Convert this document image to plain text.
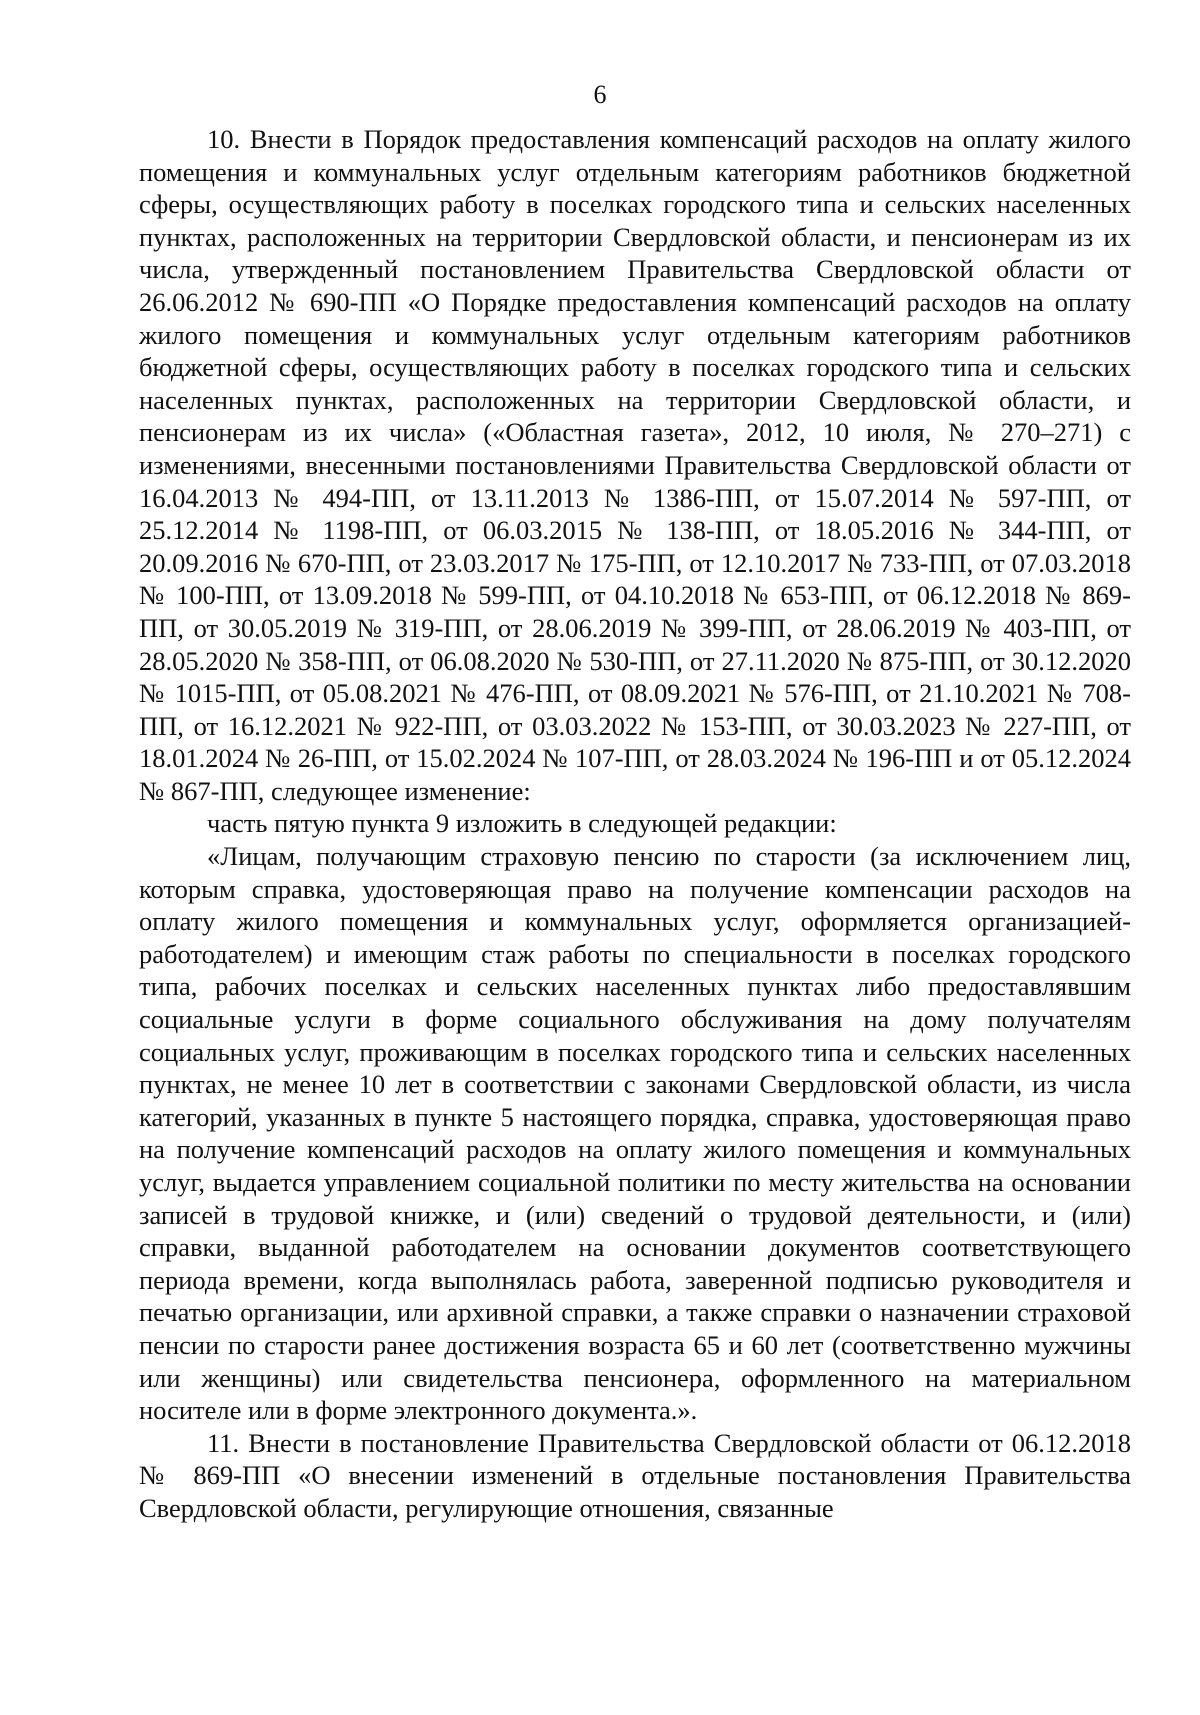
6

10. Внести в Порядок предоставления компенсаций расходов на оплату жилого помещения и коммунальных услуг отдельным категориям работников бюджетной сферы, осуществляющих работу в поселках городского типа и сельских населенных пунктах, расположенных на территории Свердловской области, и пенсионерам из их числа, утвержденный постановлением Правительства Свердловской области от 26.06.2012 № 690-ПП «О Порядке предоставления компенсаций расходов на оплату жилого помещения и коммунальных услуг отдельным категориям работников бюджетной сферы, осуществляющих работу в поселках городского типа и сельских населенных пунктах, расположенных на территории Свердловской области, и пенсионерам из их числа» («Областная газета», 2012, 10 июля, № 270–271) с изменениями, внесенными постановлениями Правительства Свердловской области от 16.04.2013 № 494-ПП, от 13.11.2013 № 1386-ПП, от 15.07.2014 № 597-ПП, от 25.12.2014 № 1198-ПП, от 06.03.2015 № 138-ПП, от 18.05.2016 № 344-ПП, от 20.09.2016 № 670-ПП, от 23.03.2017 № 175-ПП, от 12.10.2017 № 733-ПП, от 07.03.2018 № 100-ПП, от 13.09.2018 № 599-ПП, от 04.10.2018 № 653-ПП, от 06.12.2018 № 869-ПП, от 30.05.2019 № 319-ПП, от 28.06.2019 № 399-ПП, от 28.06.2019 № 403-ПП, от 28.05.2020 № 358-ПП, от 06.08.2020 № 530-ПП, от 27.11.2020 № 875-ПП, от 30.12.2020 № 1015-ПП, от 05.08.2021 № 476-ПП, от 08.09.2021 № 576-ПП, от 21.10.2021 № 708-ПП, от 16.12.2021 № 922-ПП, от 03.03.2022 № 153-ПП, от 30.03.2023 № 227-ПП, от 18.01.2024 № 26-ПП, от 15.02.2024 № 107-ПП, от 28.03.2024 № 196-ПП и от 05.12.2024 № 867-ПП, следующее изменение:

часть пятую пункта 9 изложить в следующей редакции:

«Лицам, получающим страховую пенсию по старости (за исключением лиц, которым справка, удостоверяющая право на получение компенсации расходов на оплату жилого помещения и коммунальных услуг, оформляется организацией-работодателем) и имеющим стаж работы по специальности в поселках городского типа, рабочих поселках и сельских населенных пунктах либо предоставлявшим социальные услуги в форме социального обслуживания на дому получателям социальных услуг, проживающим в поселках городского типа и сельских населенных пунктах, не менее 10 лет в соответствии с законами Свердловской области, из числа категорий, указанных в пункте 5 настоящего порядка, справка, удостоверяющая право на получение компенсаций расходов на оплату жилого помещения и коммунальных услуг, выдается управлением социальной политики по месту жительства на основании записей в трудовой книжке, и (или) сведений о трудовой деятельности, и (или) справки, выданной работодателем на основании документов соответствующего периода времени, когда выполнялась работа, заверенной подписью руководителя и печатью организации, или архивной справки, а также справки о назначении страховой пенсии по старости ранее достижения возраста 65 и 60 лет (соответственно мужчины или женщины) или свидетельства пенсионера, оформленного на материальном носителе или в форме электронного документа.».

11. Внести в постановление Правительства Свердловской области от 06.12.2018 № 869-ПП «О внесении изменений в отдельные постановления Правительства Свердловской области, регулирующие отношения, связанные
